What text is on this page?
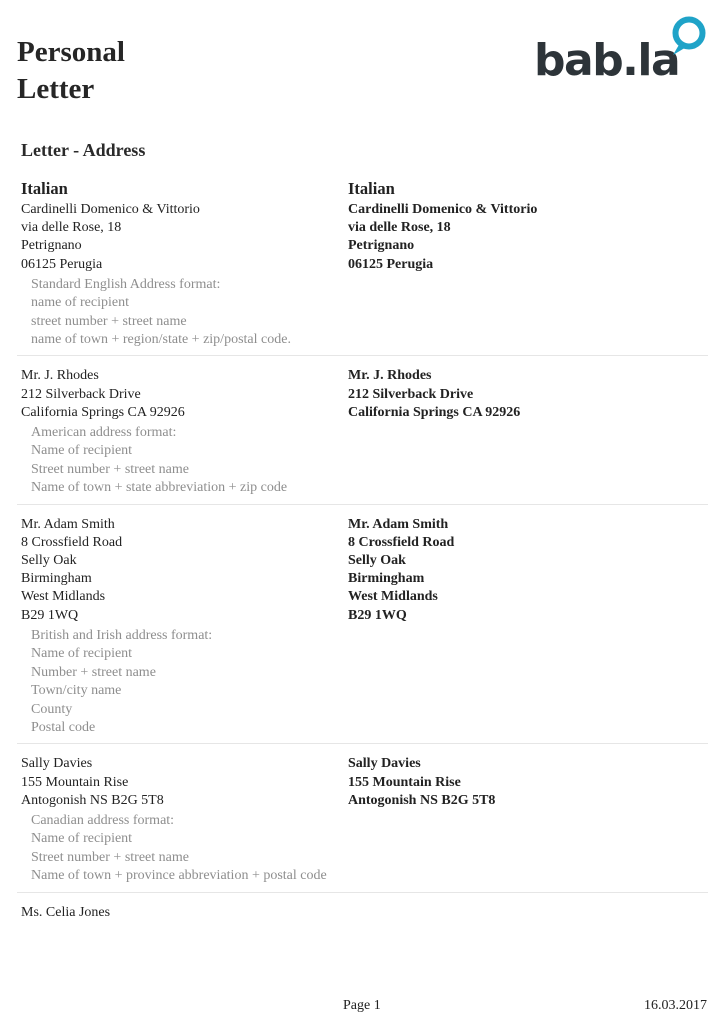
Personal
Letter
bab.la
Letter - Address
Italian	Italian
Cardinelli Domenico & Vittorio
via delle Rose, 18
Petrignano
06125 Perugia
Cardinelli Domenico & Vittorio
via delle Rose, 18
Petrignano
06125 Perugia
Standard English Address format:
name of recipient
street number + street name
name of town + region/state + zip/postal code.
Mr. J. Rhodes
212 Silverback Drive
California Springs CA 92926
Mr. J. Rhodes
212 Silverback Drive
California Springs CA 92926
American address format:
Name of recipient
Street number + street name
Name of town + state abbreviation + zip code
Mr. Adam Smith
8 Crossfield Road
Selly Oak
Birmingham
West Midlands
B29 1WQ
Mr. Adam Smith
8 Crossfield Road
Selly Oak
Birmingham
West Midlands
B29 1WQ
British and Irish address format:
Name of recipient
Number + street name
Town/city name
County
Postal code
Sally Davies
155 Mountain Rise
Antogonish NS B2G 5T8
Sally Davies
155 Mountain Rise
Antogonish NS B2G 5T8
Canadian address format:
Name of recipient
Street number + street name
Name of town + province abbreviation + postal code
Ms. Celia Jones
Page 1	16.03.2017
